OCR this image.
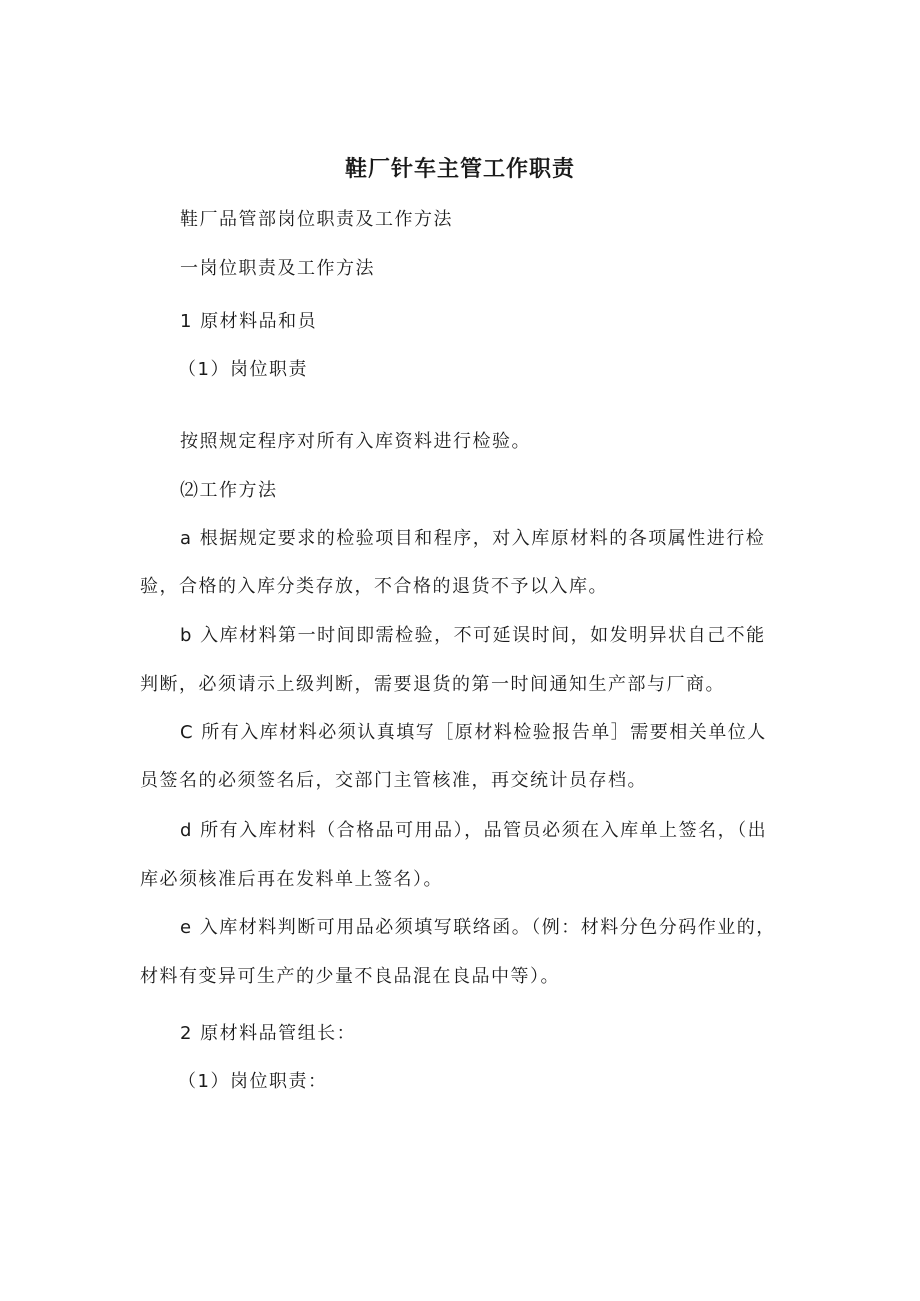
鞋厂针车主管工作职责
鞋厂品管部岗位职责及工作方法
一岗位职责及工作方法
1 原材料品和员
（1）岗位职责
按照规定程序对所有入库资料进行检验。
⑵工作方法
a 根据规定要求的检验项目和程序，对入库原材料的各项属性进行检
验，合格的入库分类存放，不合格的退货不予以入库。
b 入库材料第一时间即需检验，不可延误时间，如发明异状自己不能
判断，必须请示上级判断，需要退货的第一时间通知生产部与厂商。
C 所有入库材料必须认真填写［原材料检验报告单］需要相关单位人
员签名的必须签名后，交部门主管核准，再交统计员存档。
d 所有入库材料（合格品可用品），品管员必须在入库单上签名，（出
库必须核准后再在发料单上签名）。
e 入库材料判断可用品必须填写联络函。（例：材料分色分码作业的，
材料有变异可生产的少量不良品混在良品中等）。
2 原材料品管组长：
（1）岗位职责：
